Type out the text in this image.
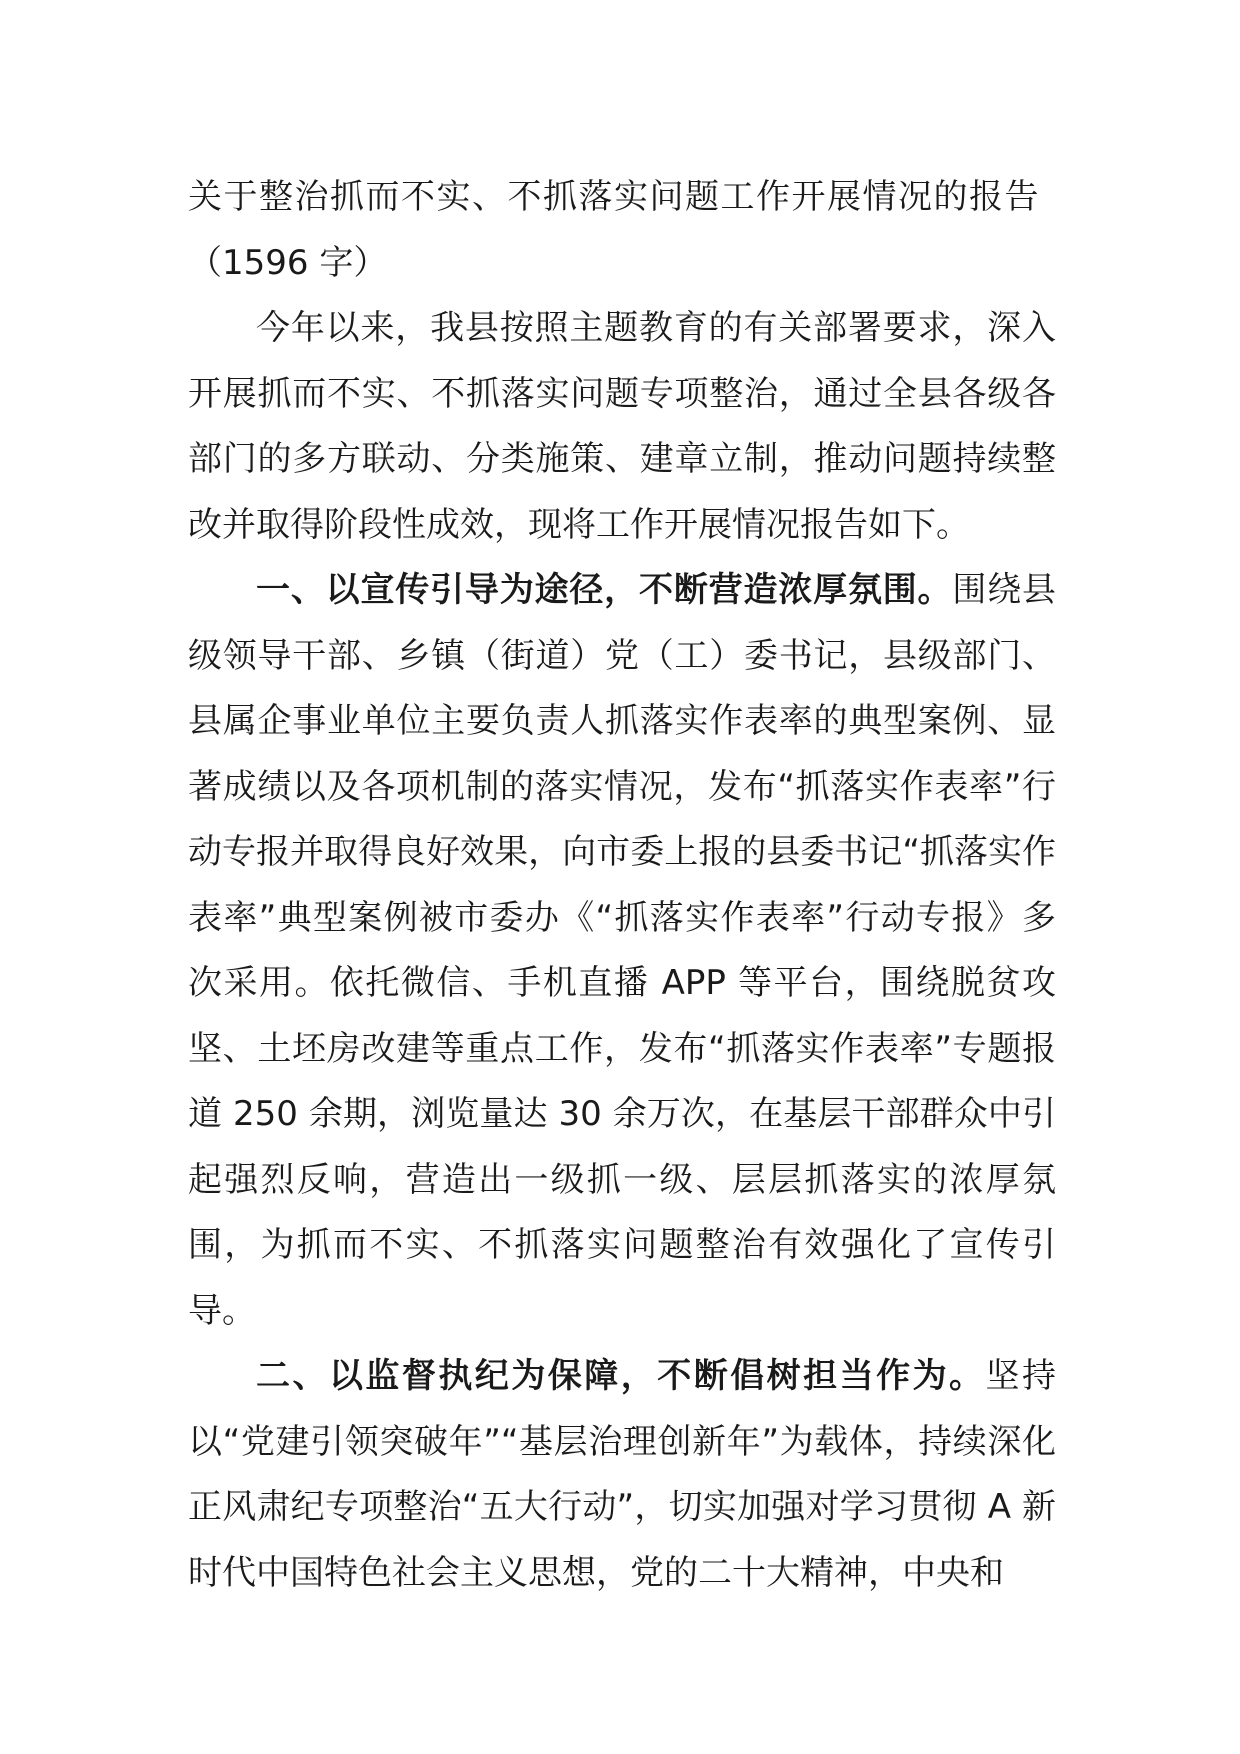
关于整治抓而不实、不抓落实问题工作开展情况的报告

（1596 字）

今年以来，我县按照主题教育的有关部署要求，深入开展抓而不实、不抓落实问题专项整治，通过全县各级各部门的多方联动、分类施策、建章立制，推动问题持续整改并取得阶段性成效，现将工作开展情况报告如下。

一、以宣传引导为途径，不断营造浓厚氛围。围绕县级领导干部、乡镇（街道）党（工）委书记，县级部门、县属企事业单位主要负责人抓落实作表率的典型案例、显著成绩以及各项机制的落实情况，发布“抓落实作表率”行动专报并取得良好效果，向市委上报的县委书记“抓落实作表率”典型案例被市委办《“抓落实作表率”行动专报》多次采用。依托微信、手机直播 APP 等平台，围绕脱贫攻坚、土坯房改建等重点工作，发布“抓落实作表率”专题报道 250 余期，浏览量达 30 余万次，在基层干部群众中引起强烈反响，营造出一级抓一级、层层抓落实的浓厚氛围，为抓而不实、不抓落实问题整治有效强化了宣传引导。

二、以监督执纪为保障，不断倡树担当作为。坚持以“党建引领突破年”“基层治理创新年”为载体，持续深化正风肃纪专项整治“五大行动”，切实加强对学习贯彻 A 新时代中国特色社会主义思想，党的二十大精神，中央和
